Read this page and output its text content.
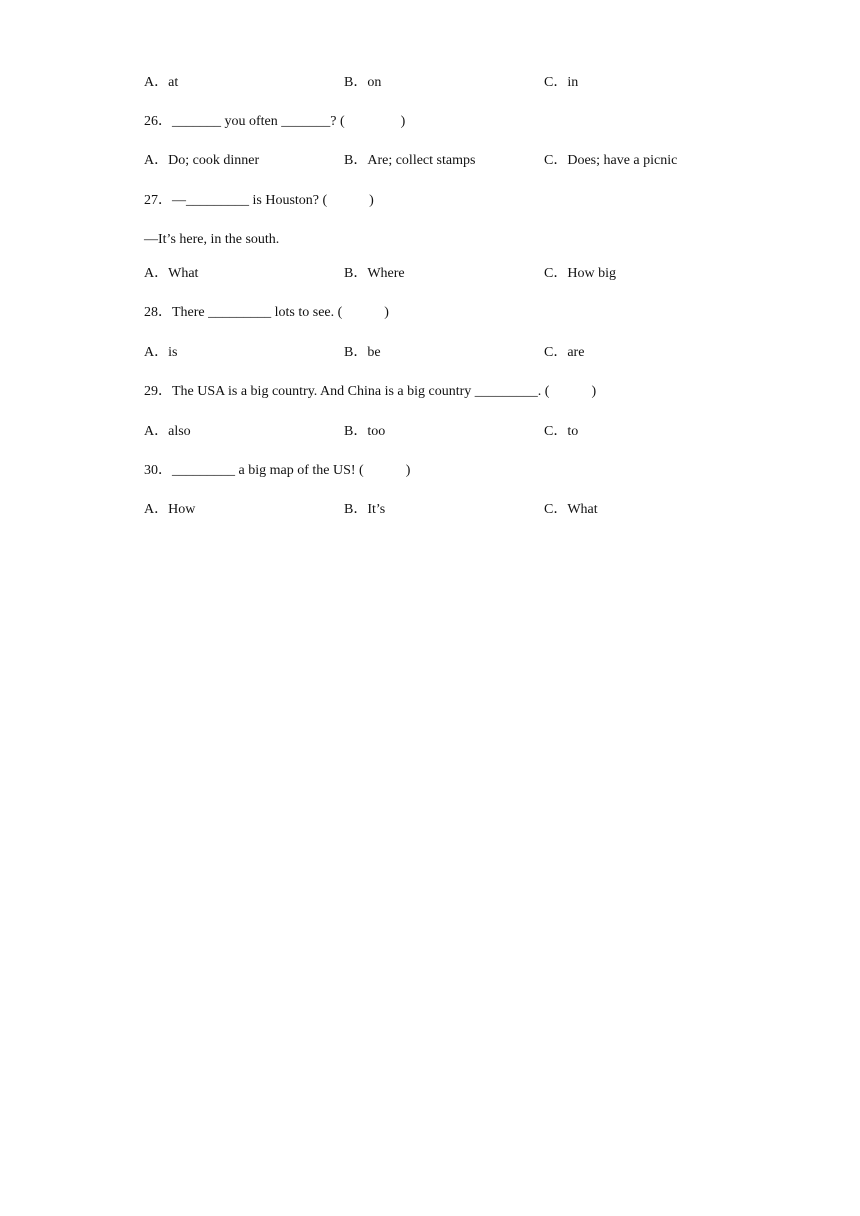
A．at	B．on	C．in
26．_______ you often _______? (　　　　)
A．Do; cook dinner	B．Are; collect stamps	C．Does; have a picnic
27．—_________ is Houston? (　　　)
—It’s here, in the south.
A．What	B．Where	C．How big
28．There _________ lots to see. (　　　)
A．is	B．be	C．are
29．The USA is a big country. And China is a big country _________. (　　　)
A．also	B．too	C．to
30．_________ a big map of the US! (　　　)
A．How	B．It’s	C．What
